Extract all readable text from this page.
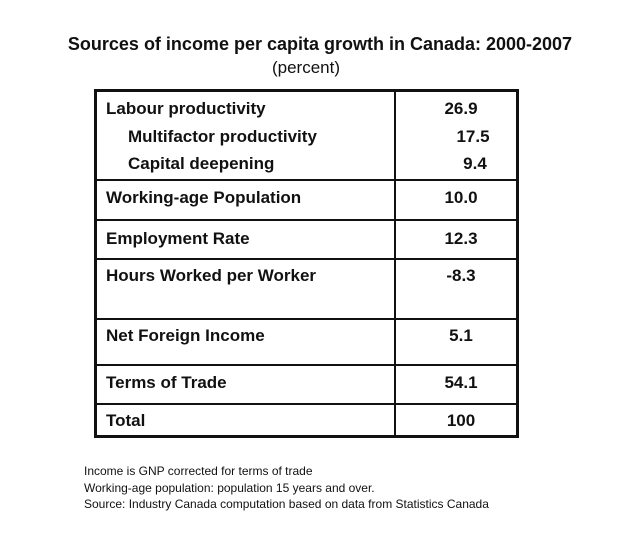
Sources of income per capita growth in Canada: 2000-2007
(percent)
Labour productivity	26.9
Multifactor productivity	17.5
Capital deepening	9.4
Working-age Population	10.0
Employment Rate	12.3
Hours Worked per Worker	-8.3
Net Foreign Income	5.1
Terms of Trade	54.1
Total	100
Income is GNP corrected for terms of trade
Working-age population: population 15 years and over.
Source: Industry Canada computation based on data from Statistics Canada
